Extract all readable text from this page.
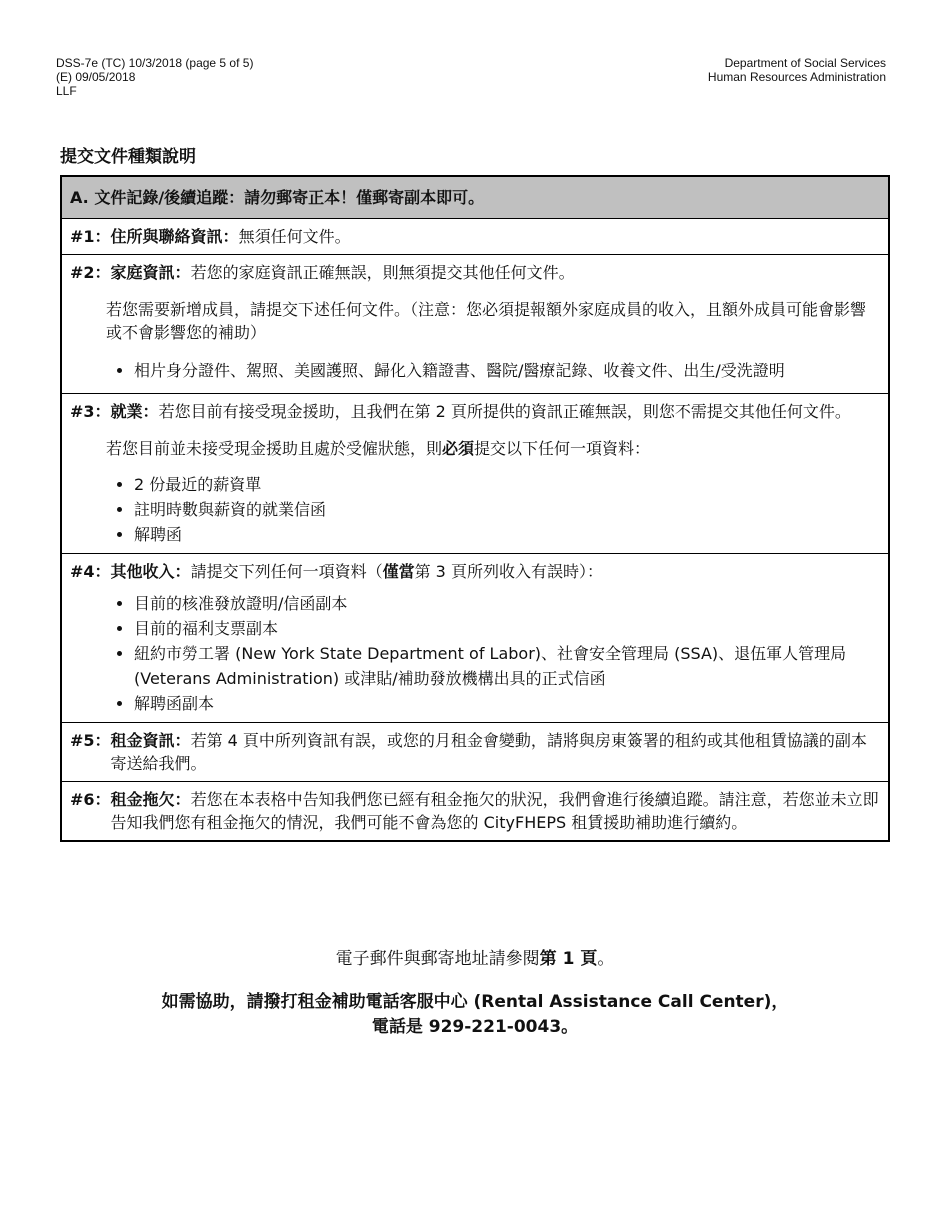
DSS-7e (TC) 10/3/2018 (page 5 of 5)
(E) 09/05/2018
LLF
Department of Social Services
Human Resources Administration
提交文件種類說明
A. 文件記錄/後續追蹤：請勿郵寄正本！僅郵寄副本即可。
#1： 住所與聯絡資訊：無須任何文件。
#2： 家庭資訊：若您的家庭資訊正確無誤，則無須提交其他任何文件。
若您需要新增成員，請提交下述任何文件。（注意：您必須提報額外家庭成員的收入，且額外成員可能會影響或不會影響您的補助）
• 相片身分證件、駕照、美國護照、歸化入籍證書、醫院/醫療記錄、收養文件、出生/受洗證明
#3： 就業：若您目前有接受現金援助，且我們在第 2 頁所提供的資訊正確無誤，則您不需提交其他任何文件。
若您目前並未接受現金援助且處於受僱狀態，則必須提交以下任何一項資料：
• 2 份最近的薪資單
• 註明時數與薪資的就業信函
• 解聘函
#4： 其他收入：請提交下列任何一項資料（僅當第 3 頁所列收入有誤時）：
• 目前的核准發放證明/信函副本
• 目前的福利支票副本
• 紐約市勞工署 (New York State Department of Labor)、社會安全管理局 (SSA)、退伍軍人管理局 (Veterans Administration) 或津貼/補助發放機構出具的正式信函
• 解聘函副本
#5： 租金資訊：若第 4 頁中所列資訊有誤，或您的月租金會變動，請將與房東簽署的租約或其他租賃協議的副本寄送給我們。
#6： 租金拖欠：若您在本表格中告知我們您已經有租金拖欠的狀況，我們會進行後續追蹤。請注意，若您並未立即告知我們您有租金拖欠的情況，我們可能不會為您的 CityFHEPS 租賃援助補助進行續約。
電子郵件與郵寄地址請參閱第 1 頁。
如需協助，請撥打租金補助電話客服中心 (Rental Assistance Call Center)，
電話是 929-221-0043。
